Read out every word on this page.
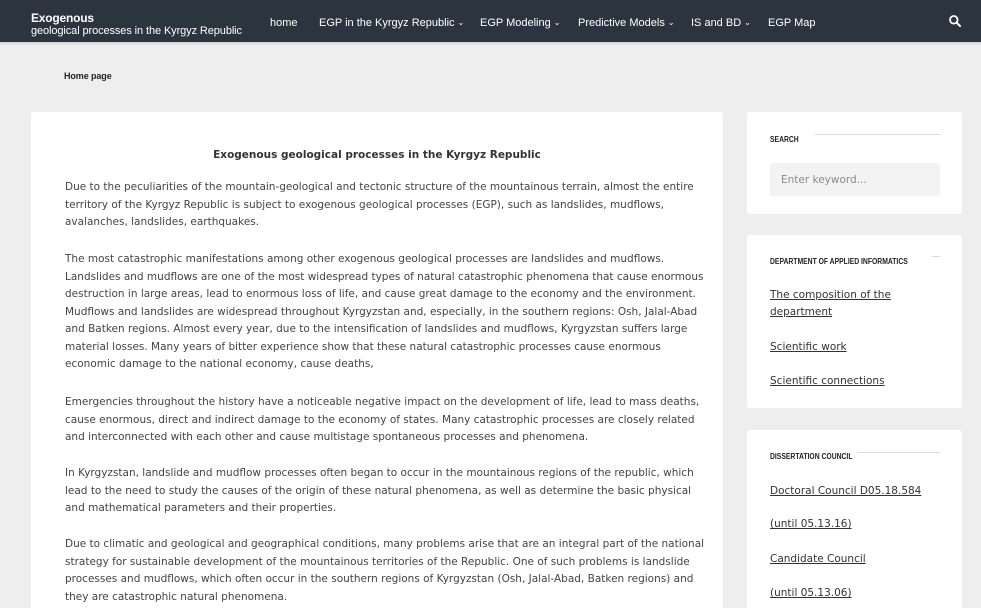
Exogenous
geological processes in the Kyrgyz Republic
home EGP in the Kyrgyz Republic ⌄ EGP Modeling ⌄ Predictive Models ⌄ IS and BD ⌄ EGP Map
Home page
Exogenous geological processes in the Kyrgyz Republic
Due to the peculiarities of the mountain-geological and tectonic structure of the mountainous terrain, almost the entire territory of the Kyrgyz Republic is subject to exogenous geological processes (EGP), such as landslides, mudflows, avalanches, landslides, earthquakes.
The most catastrophic manifestations among other exogenous geological processes are landslides and mudflows. Landslides and mudflows are one of the most widespread types of natural catastrophic phenomena that cause enormous destruction in large areas, lead to enormous loss of life, and cause great damage to the economy and the environment. Mudflows and landslides are widespread throughout Kyrgyzstan and, especially, in the southern regions: Osh, Jalal-Abad and Batken regions. Almost every year, due to the intensification of landslides and mudflows, Kyrgyzstan suffers large material losses. Many years of bitter experience show that these natural catastrophic processes cause enormous economic damage to the national economy, cause deaths,
Emergencies throughout the history have a noticeable negative impact on the development of life, lead to mass deaths, cause enormous, direct and indirect damage to the economy of states. Many catastrophic processes are closely related and interconnected with each other and cause multistage spontaneous processes and phenomena.
In Kyrgyzstan, landslide and mudflow processes often began to occur in the mountainous regions of the republic, which lead to the need to study the causes of the origin of these natural phenomena, as well as determine the basic physical and mathematical parameters and their properties.
Due to climatic and geological and geographical conditions, many problems arise that are an integral part of the national strategy for sustainable development of the mountainous territories of the Republic. One of such problems is landslide processes and mudflows, which often occur in the southern regions of Kyrgyzstan (Osh, Jalal-Abad, Batken regions) and they are catastrophic natural phenomena.
SEARCH
Enter keyword...
DEPARTMENT OF APPLIED INFORMATICS
The composition of the department
Scientific work
Scientific connections
DISSERTATION COUNCIL
Doctoral Council D05.18.584
(until 05.13.16)
Candidate Council
(until 05.13.06)
